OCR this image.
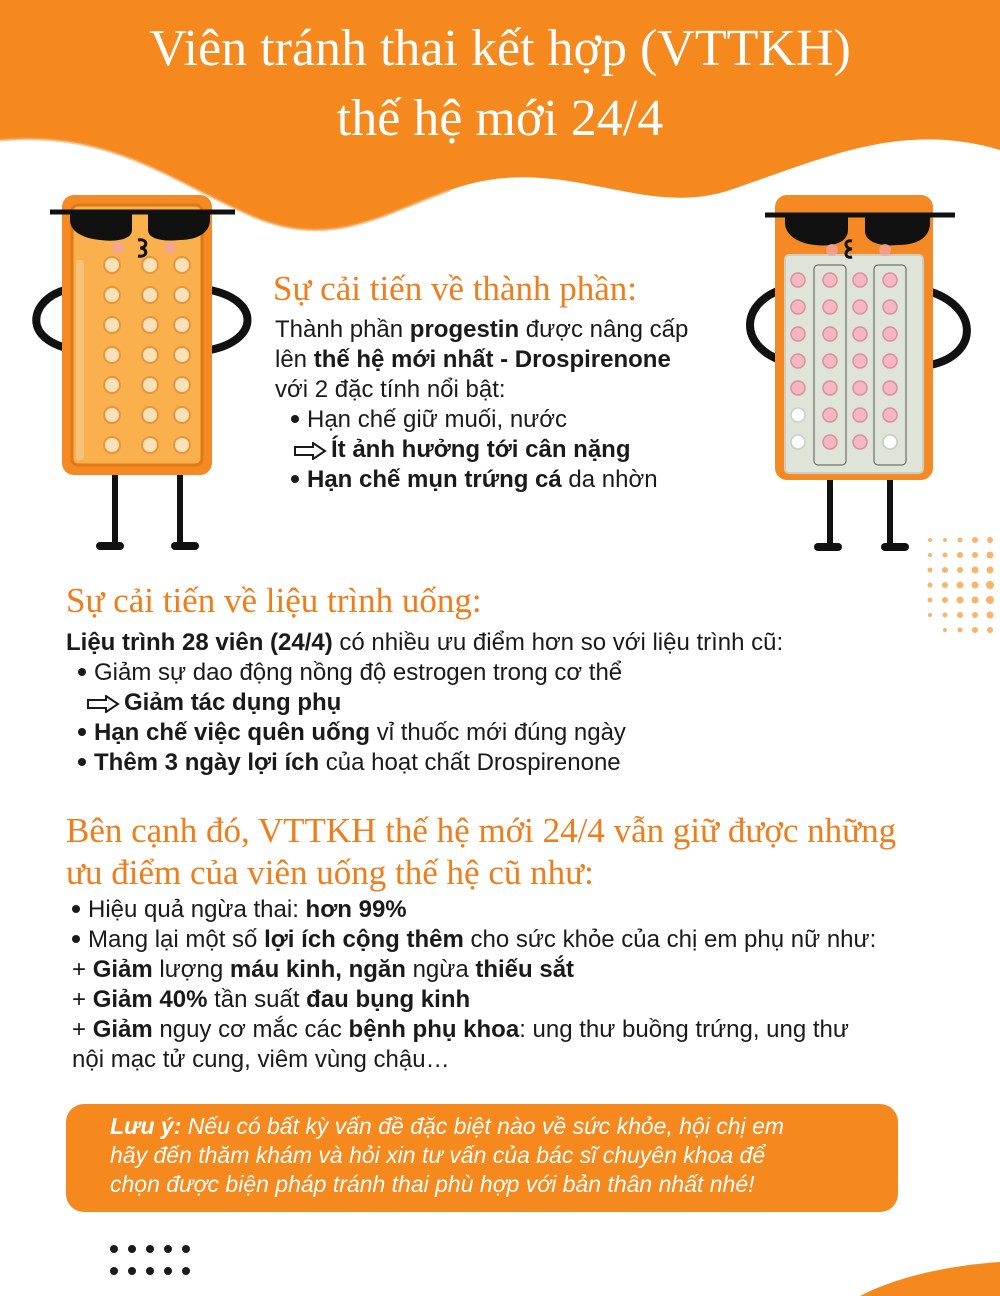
Viên tránh thai kết hợp (VTTKH)
thế hệ mới 24/4
Sự cải tiến về thành phần:
Thành phần progestin được nâng cấp
lên thế hệ mới nhất - Drospirenone
với 2 đặc tính nổi bật:
Hạn chế giữ muối, nước
Ít ảnh hưởng tới cân nặng
Hạn chế mụn trứng cá da nhờn
Sự cải tiến về liệu trình uống:
Liệu trình 28 viên (24/4) có nhiều ưu điểm hơn so với liệu trình cũ:
Giảm sự dao động nồng độ estrogen trong cơ thể
Giảm tác dụng phụ
Hạn chế việc quên uống vỉ thuốc mới đúng ngày
Thêm 3 ngày lợi ích của hoạt chất Drospirenone
Bên cạnh đó, VTTKH thế hệ mới 24/4 vẫn giữ được những
ưu điểm của viên uống thế hệ cũ như:
Hiệu quả ngừa thai: hơn 99%
Mang lại một số lợi ích cộng thêm cho sức khỏe của chị em phụ nữ như:
+ Giảm lượng máu kinh, ngăn ngừa thiếu sắt
+ Giảm 40% tần suất đau bụng kinh
+ Giảm nguy cơ mắc các bệnh phụ khoa: ung thư buồng trứng, ung thư
nội mạc tử cung, viêm vùng chậu…
Lưu ý: Nếu có bất kỳ vấn đề đặc biệt nào về sức khỏe, hội chị em
hãy đến thăm khám và hỏi xin tư vấn của bác sĩ chuyên khoa để
chọn được biện pháp tránh thai phù hợp với bản thân nhất nhé!
